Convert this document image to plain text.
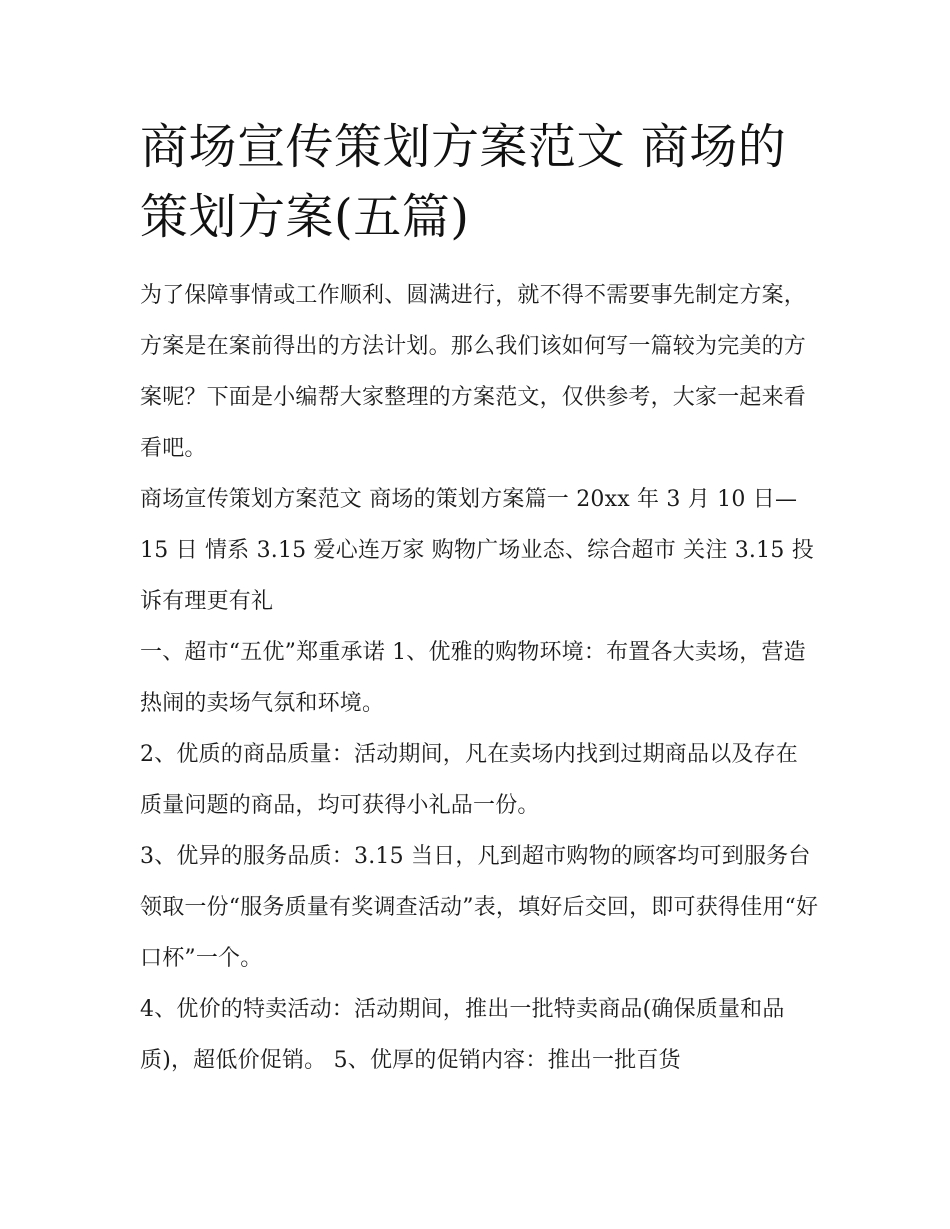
商场宣传策划方案范文 商场的
策划方案(五篇)

为了保障事情或工作顺利、圆满进行，就不得不需要事先制定方案，方案是在案前得出的方法计划。那么我们该如何写一篇较为完美的方案呢？下面是小编帮大家整理的方案范文，仅供参考，大家一起来看看吧。

商场宣传策划方案范文 商场的策划方案篇一 20xx 年 3 月 10 日—15 日 情系 3.15 爱心连万家 购物广场业态、综合超市 关注 3.15 投诉有理更有礼

一、超市“五优”郑重承诺 1、优雅的购物环境：布置各大卖场，营造热闹的卖场气氛和环境。

2、优质的商品质量：活动期间，凡在卖场内找到过期商品以及存在质量问题的商品，均可获得小礼品一份。

3、优异的服务品质：3.15 当日，凡到超市购物的顾客均可到服务台领取一份“服务质量有奖调查活动”表，填好后交回，即可获得佳用“好口杯”一个。

4、优价的特卖活动：活动期间，推出一批特卖商品(确保质量和品质)，超低价促销。 5、优厚的促销内容：推出一批百货
